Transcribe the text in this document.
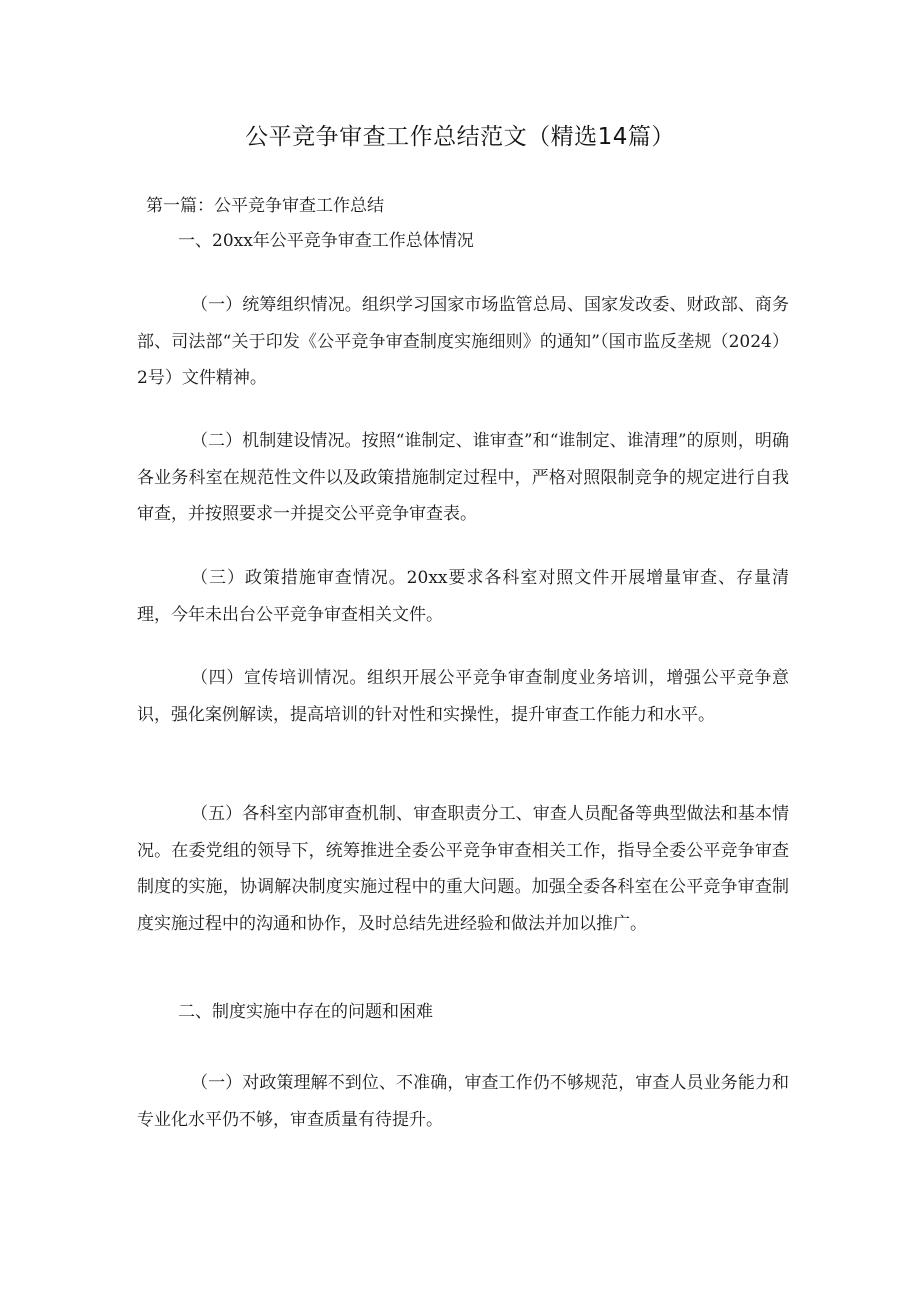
公平竞争审查工作总结范文（精选14篇）

第一篇：公平竞争审查工作总结

一、20xx年公平竞争审查工作总体情况

（一）统筹组织情况。组织学习国家市场监管总局、国家发改委、财政部、商务部、司法部“关于印发《公平竞争审查制度实施细则》的通知”（国市监反垄规（2024）2号）文件精神。

（二）机制建设情况。按照“谁制定、谁审查”和“谁制定、谁清理”的原则，明确各业务科室在规范性文件以及政策措施制定过程中，严格对照限制竞争的规定进行自我审查，并按照要求一并提交公平竞争审查表。

（三）政策措施审查情况。20xx要求各科室对照文件开展增量审查、存量清理，今年未出台公平竞争审查相关文件。

（四）宣传培训情况。组织开展公平竞争审查制度业务培训，增强公平竞争意识，强化案例解读，提高培训的针对性和实操性，提升审查工作能力和水平。

（五）各科室内部审查机制、审查职责分工、审查人员配备等典型做法和基本情况。在委党组的领导下，统筹推进全委公平竞争审查相关工作，指导全委公平竞争审查制度的实施，协调解决制度实施过程中的重大问题。加强全委各科室在公平竞争审查制度实施过程中的沟通和协作，及时总结先进经验和做法并加以推广。

二、制度实施中存在的问题和困难

（一）对政策理解不到位、不准确，审查工作仍不够规范，审查人员业务能力和专业化水平仍不够，审查质量有待提升。
